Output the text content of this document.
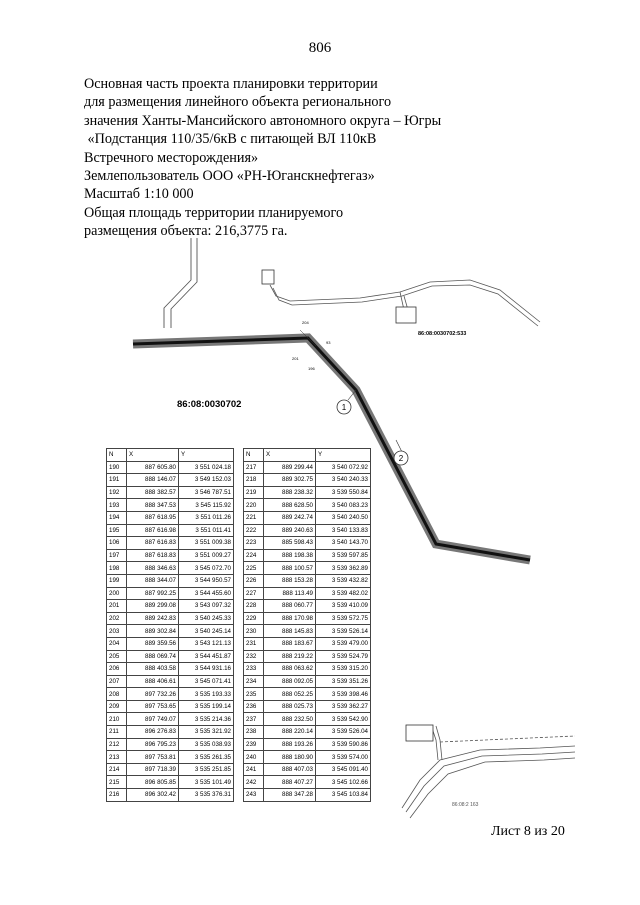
806
Основная часть проекта планировки территории
для размещения линейного объекта регионального
значения Ханты-Мансийского автономного округа – Югры
«Подстанция 110/35/6кВ с питающей ВЛ 110кВ
Встречного месторождения»
Землепользователь ООО «РН-Юганскнефтегаз»
Масштаб 1:10 000
Общая площадь территории планируемого
размещения объекта: 216,3775 га.
1
2
86:08:0030702
86:08:0030702:533
86:08:2 163
204
93
201
196
N	X	Y
190	887 605.80	3 551 024.18
191	888 146.07	3 549 152.03
192	888 382.57	3 546 787.51
193	888 347.53	3 545 115.92
194	887 618.95	3 551 011.26
195	887 616.98	3 551 011.41
106	887 616.83	3 551 009.38
197	887 618.83	3 551 009.27
198	888 346.63	3 545 072.70
199	888 344.07	3 544 950.57
200	887 992.25	3 544 455.60
201	889 299.08	3 543 097.32
202	889 242.83	3 540 245.33
203	889 302.84	3 540 245.14
204	889 359.56	3 543 121.13
205	888 069.74	3 544 451.87
206	888 403.58	3 544 931.16
207	888 406.61	3 545 071.41
208	897 732.26	3 535 193.33
209	897 753.65	3 535 199.14
210	897 749.07	3 535 214.36
211	896 276.83	3 535 321.92
212	896 795.23	3 535 038.93
213	897 753.81	3 535 261.35
214	897 718.39	3 535 251.85
215	896 805.85	3 535 101.49
216	896 302.42	3 535 376.31
N	X	Y
217	889 299.44	3 540 072.92
218	889 302.75	3 540 240.33
219	888 238.32	3 539 550.84
220	888 628.50	3 540 083.23
221	889 242.74	3 540 240.50
222	889 240.63	3 540 133.83
223	885 598.43	3 540 143.70
224	888 198.38	3 539 597.85
225	888 100.57	3 539 362.89
226	888 153.28	3 539 432.82
227	888 113.49	3 539 482.02
228	888 060.77	3 539 410.09
229	888 170.98	3 539 572.75
230	888 145.83	3 539 526.14
231	888 183.67	3 539 479.00
232	888 219.22	3 539 524.79
233	888 063.62	3 539 315.20
234	888 092.05	3 539 351.26
235	888 052.25	3 539 398.46
236	888 025.73	3 539 362.27
237	888 232.50	3 539 542.90
238	888 220.14	3 539 526.04
239	888 193.26	3 539 590.86
240	888 180.90	3 539 574.00
241	888 407.03	3 545 091.40
242	888 407.27	3 545 102.66
243	888 347.28	3 545 103.84
Лист 8 из 20
